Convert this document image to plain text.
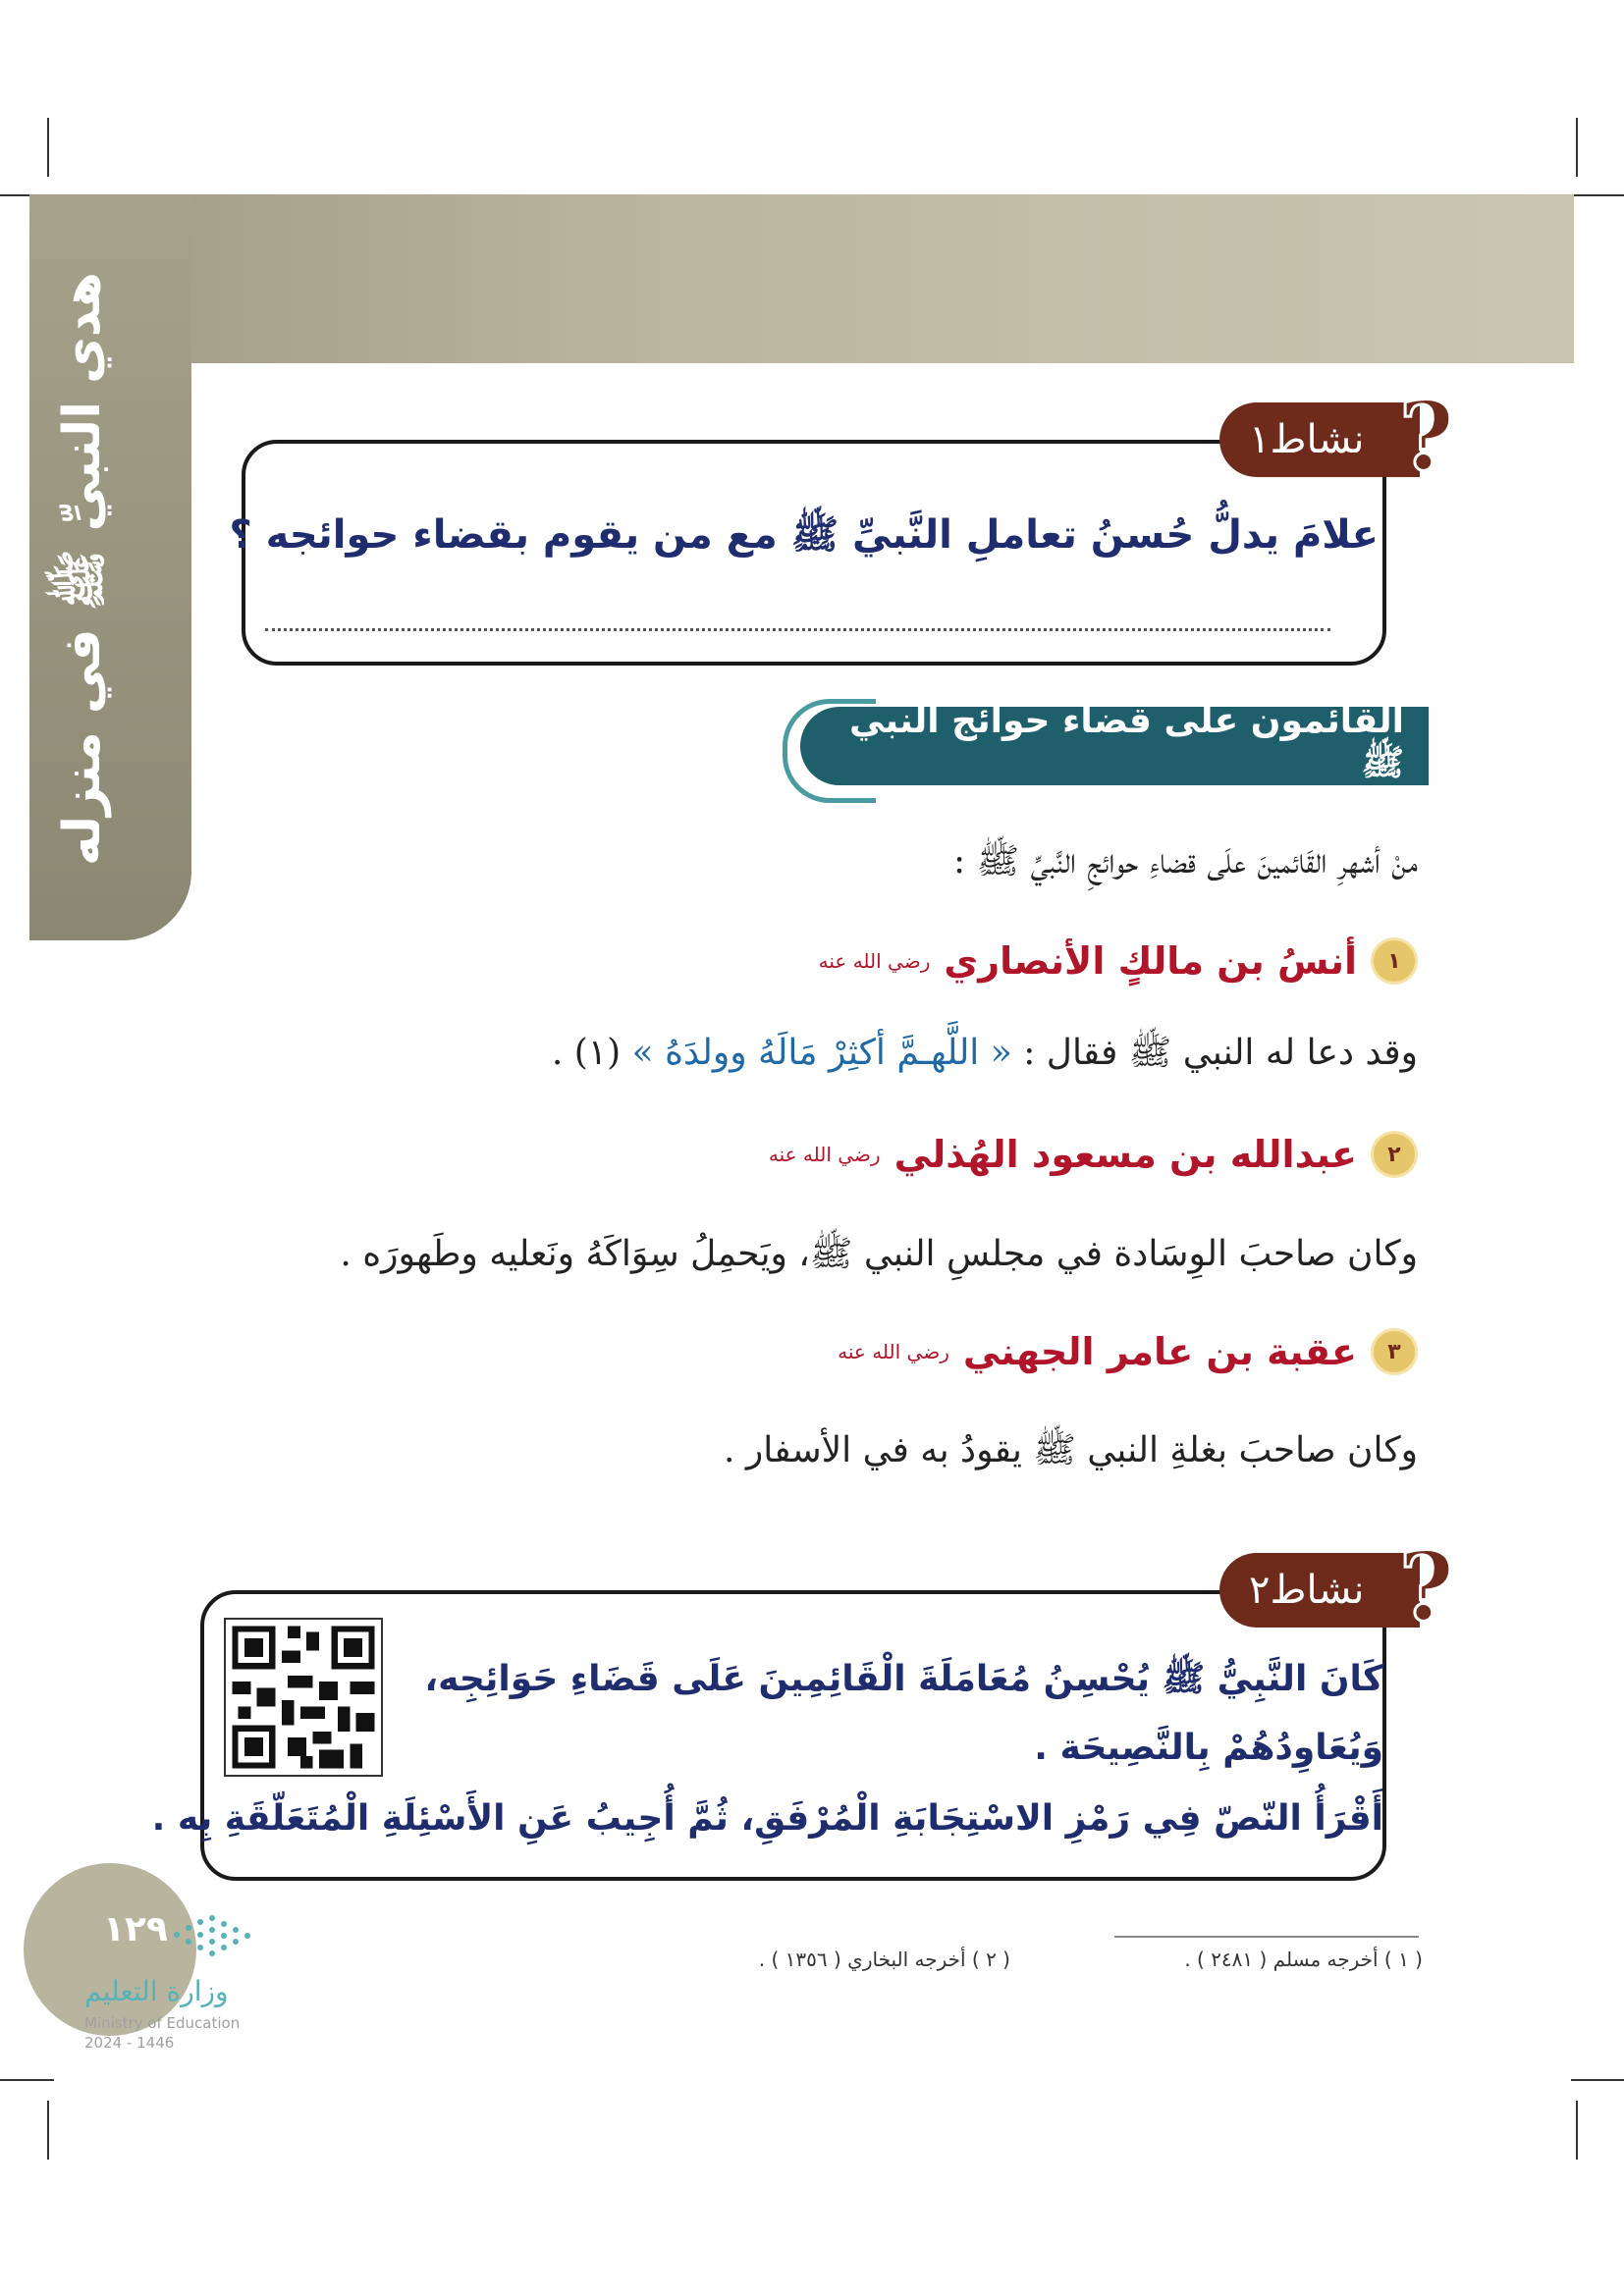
هدي النبيِّ ﷺ في منزله	نشاط
١ ?
علامَ يدلُّ حُسنُ تعاملِ النَّبيِّ ﷺ مع من يقوم بقضاء حوائجه ؟
القائمون على قضاء حوائج النبي ﷺ
منْ أشهرِ القَائمينَ علَى قضاءِ حوائجِ النَّبيِّ ﷺ :
١
أنسُ بن مالكٍ الأنصاري
رضي الله عنه
وقد دعا له النبي ﷺ فقال : « اللَّهـمَّ أكثِرْ مَالَهُ وولدَهُ » (١) .
٢
عبدالله بن مسعود الهُذلي
رضي الله عنه
وكان صاحبَ الوِسَادة في مجلسِ النبي ﷺ، ويَحمِلُ سِوَاكَهُ ونَعليه وطَهورَه .
٣
عقبة بن عامر الجهني
رضي الله عنه
وكان صاحبَ بغلةِ النبي ﷺ يقودُ به في الأسفار .
نشاط
٢ ?
كَانَ النَّبِيُّ ﷺ يُحْسِنُ مُعَامَلَةَ الْقَائِمِينَ عَلَى قَضَاءِ حَوَائِجِه،
وَيُعَاوِدُهُمْ بِالنَّصِيحَة .
أَقْرَأُ النّصّ فِي رَمْزِ الاسْتِجَابَةِ الْمُرْفَقِ، ثُمَّ أُجِيبُ عَنِ الأَسْئِلَةِ الْمُتَعَلّقَةِ بِه .
١٢٩
وزارة التعليم
Ministry of Education
2024 - 1446
( ١ ) أخرجه مسلم ( ٢٤٨١ ) .
( ٢ ) أخرجه البخاري ( ١٣٥٦ ) .
